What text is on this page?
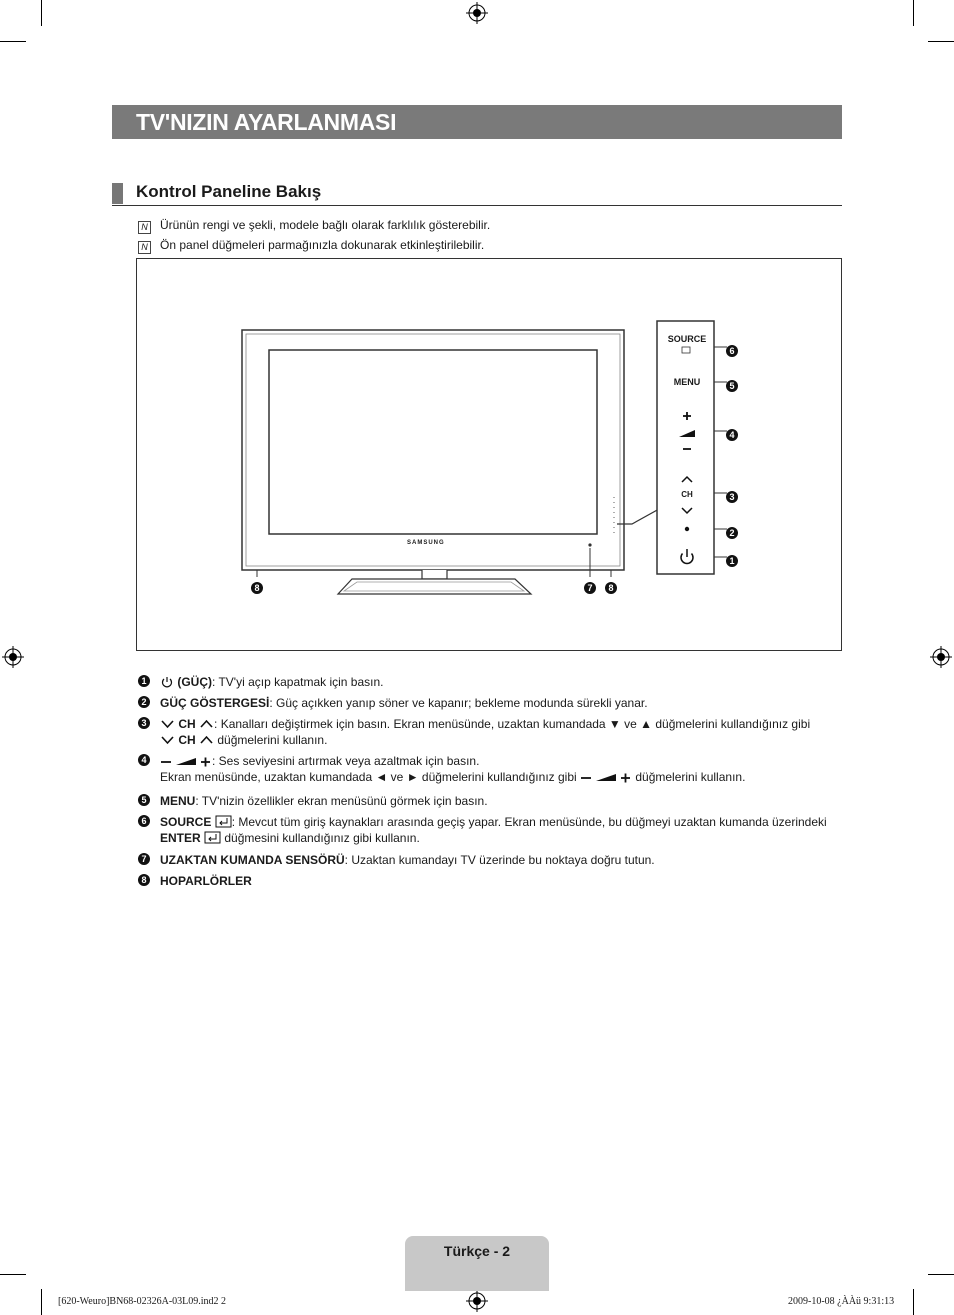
TV'NIZIN AYARLANMASI
Kontrol Paneline Bakış
N Ürünün rengi ve şekli, modele bağlı olarak farklılık gösterebilir.
N Ön panel düğmeleri parmağınızla dokunarak etkinleştirilebilir.
SAMSUNG
SOURCE
MENU
CH
6
5
4
3
2
1
8	7	8
1	(GÜÇ): TV'yi açıp kapatmak için basın.
2 GÜÇ GÖSTERGESİ: Güç açıkken yanıp söner ve kapanır; bekleme modunda sürekli yanar.
3	CH : Kanalları değiştirmek için basın. Ekran menüsünde, uzaktan kumandada ▼ ve ▲ düğmelerini kullandığınız gibi
CH  düğmelerini kullanın.
4	: Ses seviyesini artırmak veya azaltmak için basın.
Ekran menüsünde, uzaktan kumandada ◄ ve ► düğmelerini kullandığınız gibi	düğmelerini kullanın.
5 MENU: TV'nizin özellikler ekran menüsünü görmek için basın.
6 SOURCE : Mevcut tüm giriş kaynakları arasında geçiş yapar. Ekran menüsünde, bu düğmeyi uzaktan kumanda üzerindeki
ENTER  düğmesini kullandığınız gibi kullanın.
7 UZAKTAN KUMANDA SENSÖRÜ: Uzaktan kumandayı TV üzerinde bu noktaya doğru tutun.
8 HOPARLÖRLER
Türkçe - 2
[620-Weuro]BN68-02326A-03L09.ind2 2	2009-10-08 ¿ÀÀü 9:31:13
